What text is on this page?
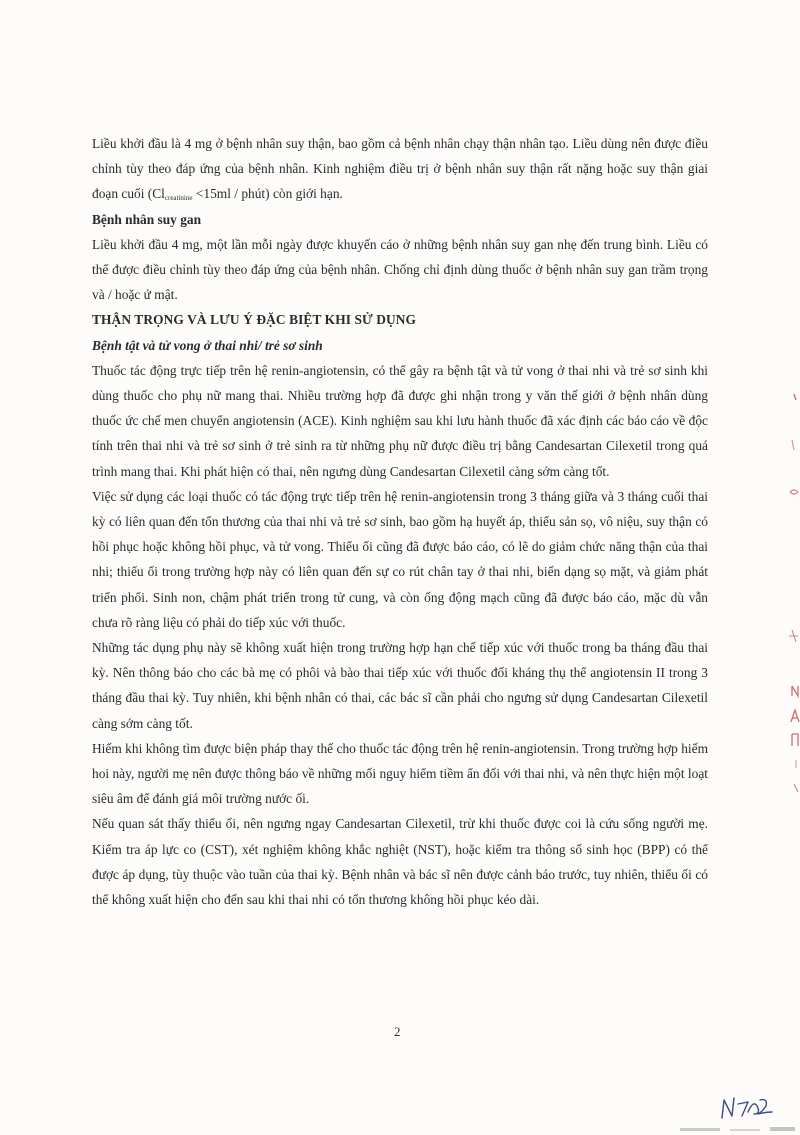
Liều khởi đầu là 4 mg ở bệnh nhân suy thận, bao gồm cả bệnh nhân chạy thận nhân tạo. Liều dùng nên được điều chỉnh tùy theo đáp ứng của bệnh nhân. Kinh nghiệm điều trị ở bệnh nhân suy thận rất nặng hoặc suy thận giai đoạn cuối ($Cl_{creatinine} <15ml$ / phút) còn giới hạn.

Bệnh nhân suy gan

Liều khởi đầu 4 mg, một lần mỗi ngày được khuyến cáo ở những bệnh nhân suy gan nhẹ đến trung bình. Liều có thể được điều chỉnh tùy theo đáp ứng của bệnh nhân. Chống chỉ định dùng thuốc ở bệnh nhân suy gan trầm trọng và / hoặc ứ mật.

THẬN TRỌNG VÀ LƯU Ý ĐẶC BIỆT KHI SỬ DỤNG

Bệnh tật và tử vong ở thai nhi/ trẻ sơ sinh

Thuốc tác động trực tiếp trên hệ renin-angiotensin, có thể gây ra bệnh tật và tử vong ở thai nhi và trẻ sơ sinh khi dùng thuốc cho phụ nữ mang thai. Nhiều trường hợp đã được ghi nhận trong y văn thế giới ở bệnh nhân dùng thuốc ức chế men chuyển angiotensin (ACE). Kinh nghiệm sau khi lưu hành thuốc đã xác định các báo cáo về độc tính trên thai nhi và trẻ sơ sinh ở trẻ sinh ra từ những phụ nữ được điều trị bằng Candesartan Cilexetil trong quá trình mang thai. Khi phát hiện có thai, nên ngưng dùng Candesartan Cilexetil càng sớm càng tốt.

Việc sử dụng các loại thuốc có tác động trực tiếp trên hệ renin-angiotensin trong 3 tháng giữa và 3 tháng cuối thai kỳ có liên quan đến tổn thương của thai nhi và trẻ sơ sinh, bao gồm hạ huyết áp, thiểu sản sọ, vô niệu, suy thận có hồi phục hoặc không hồi phục, và tử vong. Thiểu ối cũng đã được báo cáo, có lẽ do giảm chức năng thận của thai nhi; thiểu ối trong trường hợp này có liên quan đến sự co rút chân tay ở thai nhi, biến dạng sọ mặt, và giảm phát triển phổi. Sinh non, chậm phát triển trong tử cung, và còn ống động mạch cũng đã được báo cáo, mặc dù vẫn chưa rõ ràng liệu có phải do tiếp xúc với thuốc.

Những tác dụng phụ này sẽ không xuất hiện trong trường hợp hạn chế tiếp xúc với thuốc trong ba tháng đầu thai kỳ. Nên thông báo cho các bà mẹ có phôi và bào thai tiếp xúc với thuốc đối kháng thụ thể angiotensin II trong 3 tháng đầu thai kỳ. Tuy nhiên, khi bệnh nhân có thai, các bác sĩ cần phải cho ngưng sử dụng Candesartan Cilexetil càng sớm càng tốt.

Hiếm khi không tìm được biện pháp thay thế cho thuốc tác động trên hệ renin-angiotensin. Trong trường hợp hiếm hoi này, người mẹ nên được thông báo về những mối nguy hiểm tiềm ẩn đối với thai nhi, và nên thực hiện một loạt siêu âm để đánh giá môi trường nước ối.

Nếu quan sát thấy thiểu ối, nên ngưng ngay Candesartan Cilexetil, trừ khi thuốc được coi là cứu sống người mẹ. Kiểm tra áp lực co (CST), xét nghiệm không khắc nghiệt (NST), hoặc kiểm tra thông số sinh học (BPP) có thể được áp dụng, tùy thuộc vào tuần của thai kỳ. Bệnh nhân và bác sĩ nên được cảnh báo trước, tuy nhiên, thiểu ối có thể không xuất hiện cho đến sau khi thai nhi có tổn thương không hồi phục kéo dài.

2
